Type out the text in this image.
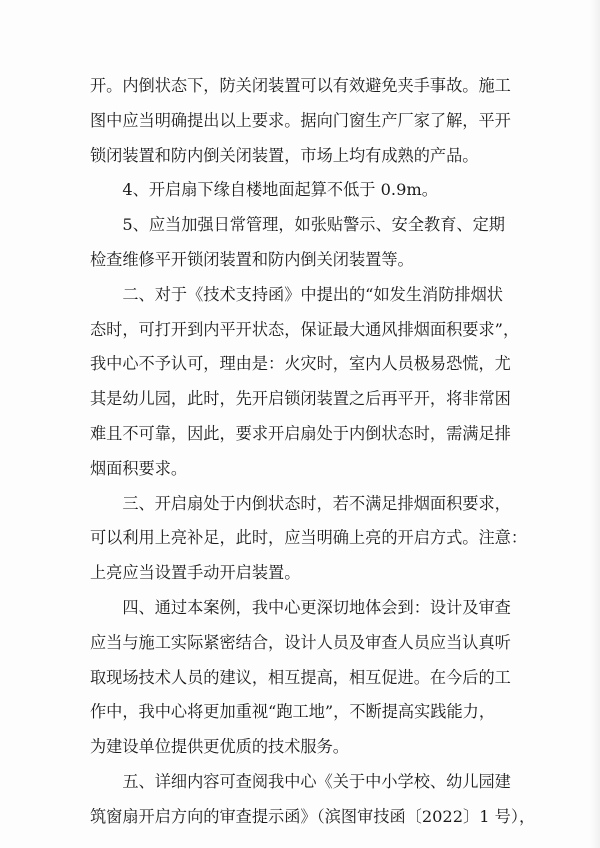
开。内倒状态下，防关闭装置可以有效避免夹手事故。施工
图中应当明确提出以上要求。据向门窗生产厂家了解，平开
锁闭装置和防内倒关闭装置，市场上均有成熟的产品。
　　4、开启扇下缘自楼地面起算不低于 0.9m。
　　5、应当加强日常管理，如张贴警示、安全教育、定期
检查维修平开锁闭装置和防内倒关闭装置等。
　　二、对于《技术支持函》中提出的“如发生消防排烟状
态时，可打开到内平开状态，保证最大通风排烟面积要求”，
我中心不予认可，理由是：火灾时，室内人员极易恐慌，尤
其是幼儿园，此时，先开启锁闭装置之后再平开，将非常困
难且不可靠，因此，要求开启扇处于内倒状态时，需满足排
烟面积要求。
　　三、开启扇处于内倒状态时，若不满足排烟面积要求，
可以利用上亮补足，此时，应当明确上亮的开启方式。注意：
上亮应当设置手动开启装置。
　　四、通过本案例，我中心更深切地体会到：设计及审查
应当与施工实际紧密结合，设计人员及审查人员应当认真听
取现场技术人员的建议，相互提高，相互促进。在今后的工
作中，我中心将更加重视“跑工地”，不断提高实践能力，
为建设单位提供更优质的技术服务。
　　五、详细内容可查阅我中心《关于中小学校、幼儿园建
筑窗扇开启方向的审查提示函》（滨图审技函〔2022〕1 号），
